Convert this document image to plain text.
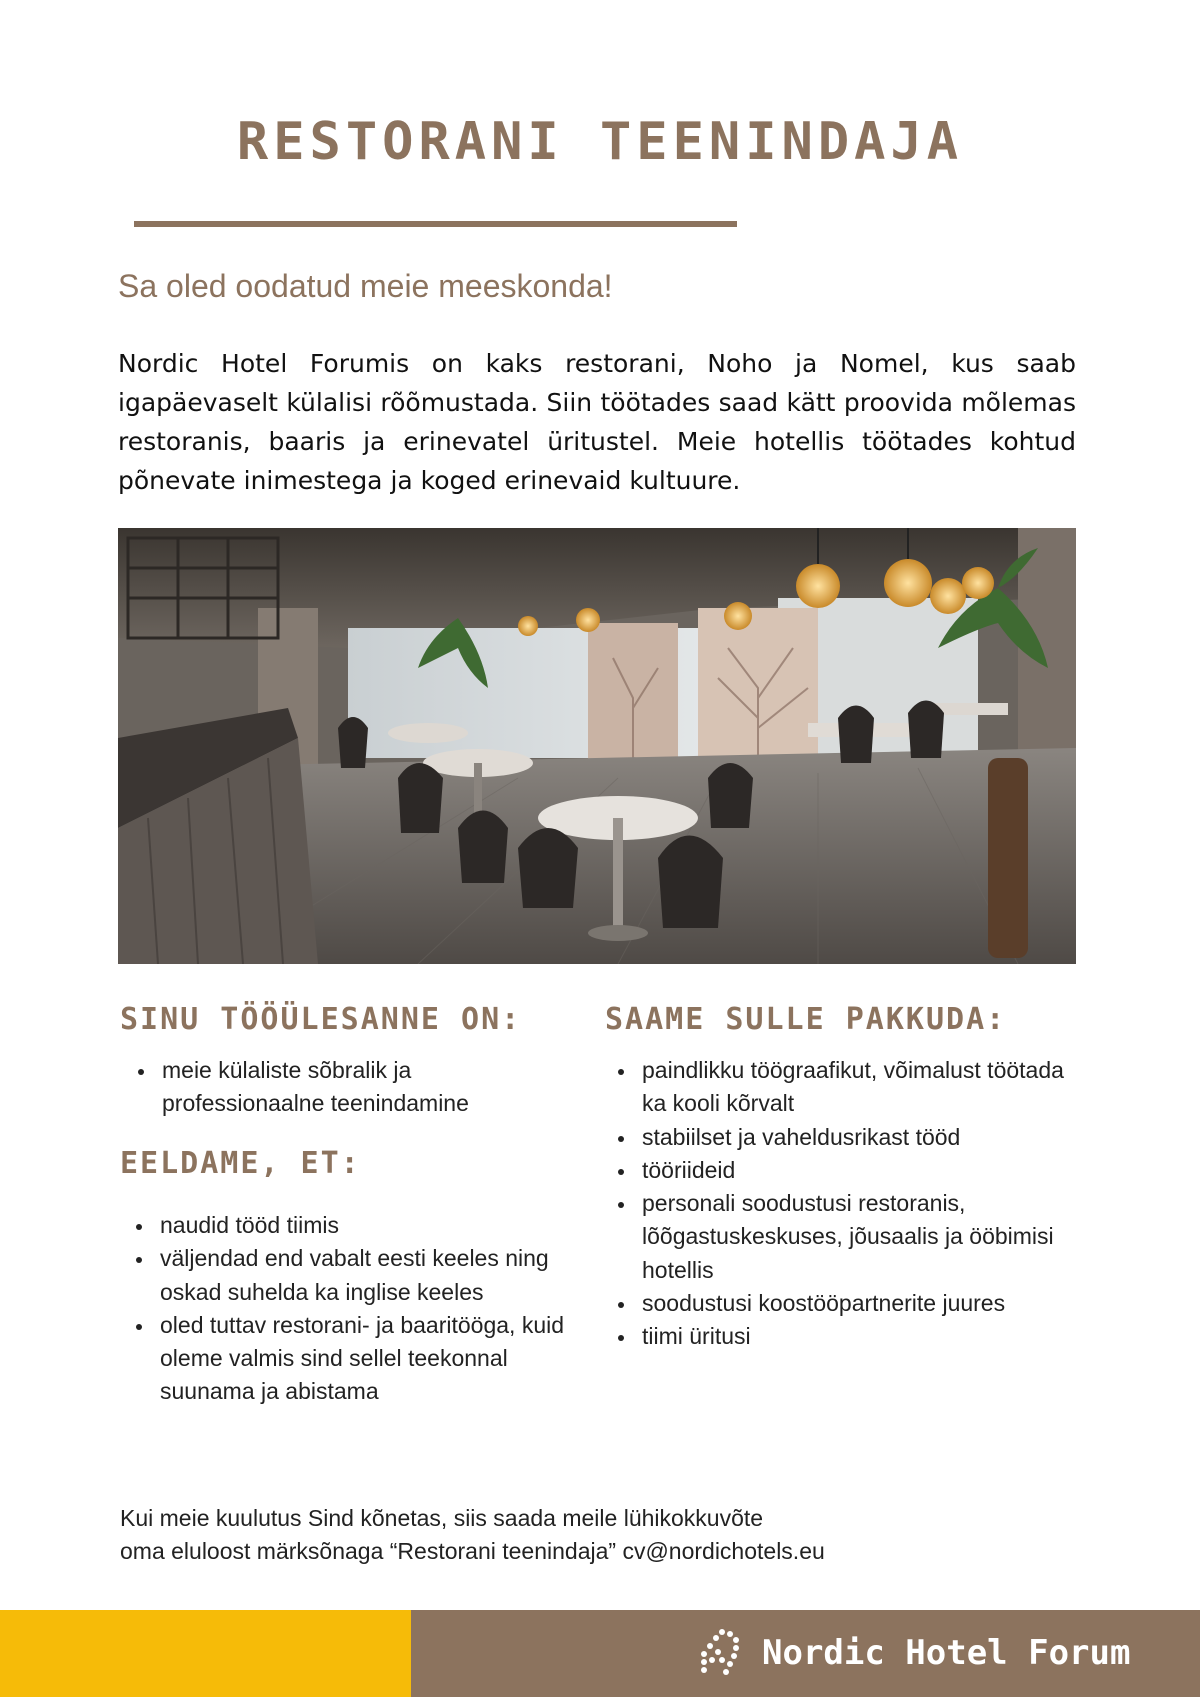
RESTORANI TEENINDAJA
Sa oled oodatud meie meeskonda!
Nordic Hotel Forumis on kaks restorani, Noho ja Nomel, kus saab igapäevaselt külalisi rõõmustada. Siin töötades saad kätt proovida mõlemas restoranis, baaris ja erinevatel üritustel. Meie hotellis töötades kohtud põnevate inimestega ja koged erinevaid kultuure.
SINU TÖÖÜLESANNE ON:
meie külaliste sõbralik ja professionaalne teenindamine
EELDAME, ET:
naudid tööd tiimis
väljendad end vabalt eesti keeles ning oskad suhelda ka inglise keeles
oled tuttav restorani- ja baaritööga, kuid oleme valmis sind sellel teekonnal suunama ja abistama
SAAME SULLE PAKKUDA:
paindlikku töögraafikut, võimalust töötada ka kooli kõrvalt
stabiilset ja vaheldusrikast tööd
tööriideid
personali soodustusi restoranis, lõõgastuskeskuses, jõusaalis ja ööbimisi hotellis
soodustusi koostööpartnerite juures
tiimi üritusi
Kui meie kuulutus Sind kõnetas, siis saada meile lühikokkuvõte
oma eluloost märksõnaga “Restorani teenindaja” cv@nordichotels.eu
Nordic Hotel Forum
